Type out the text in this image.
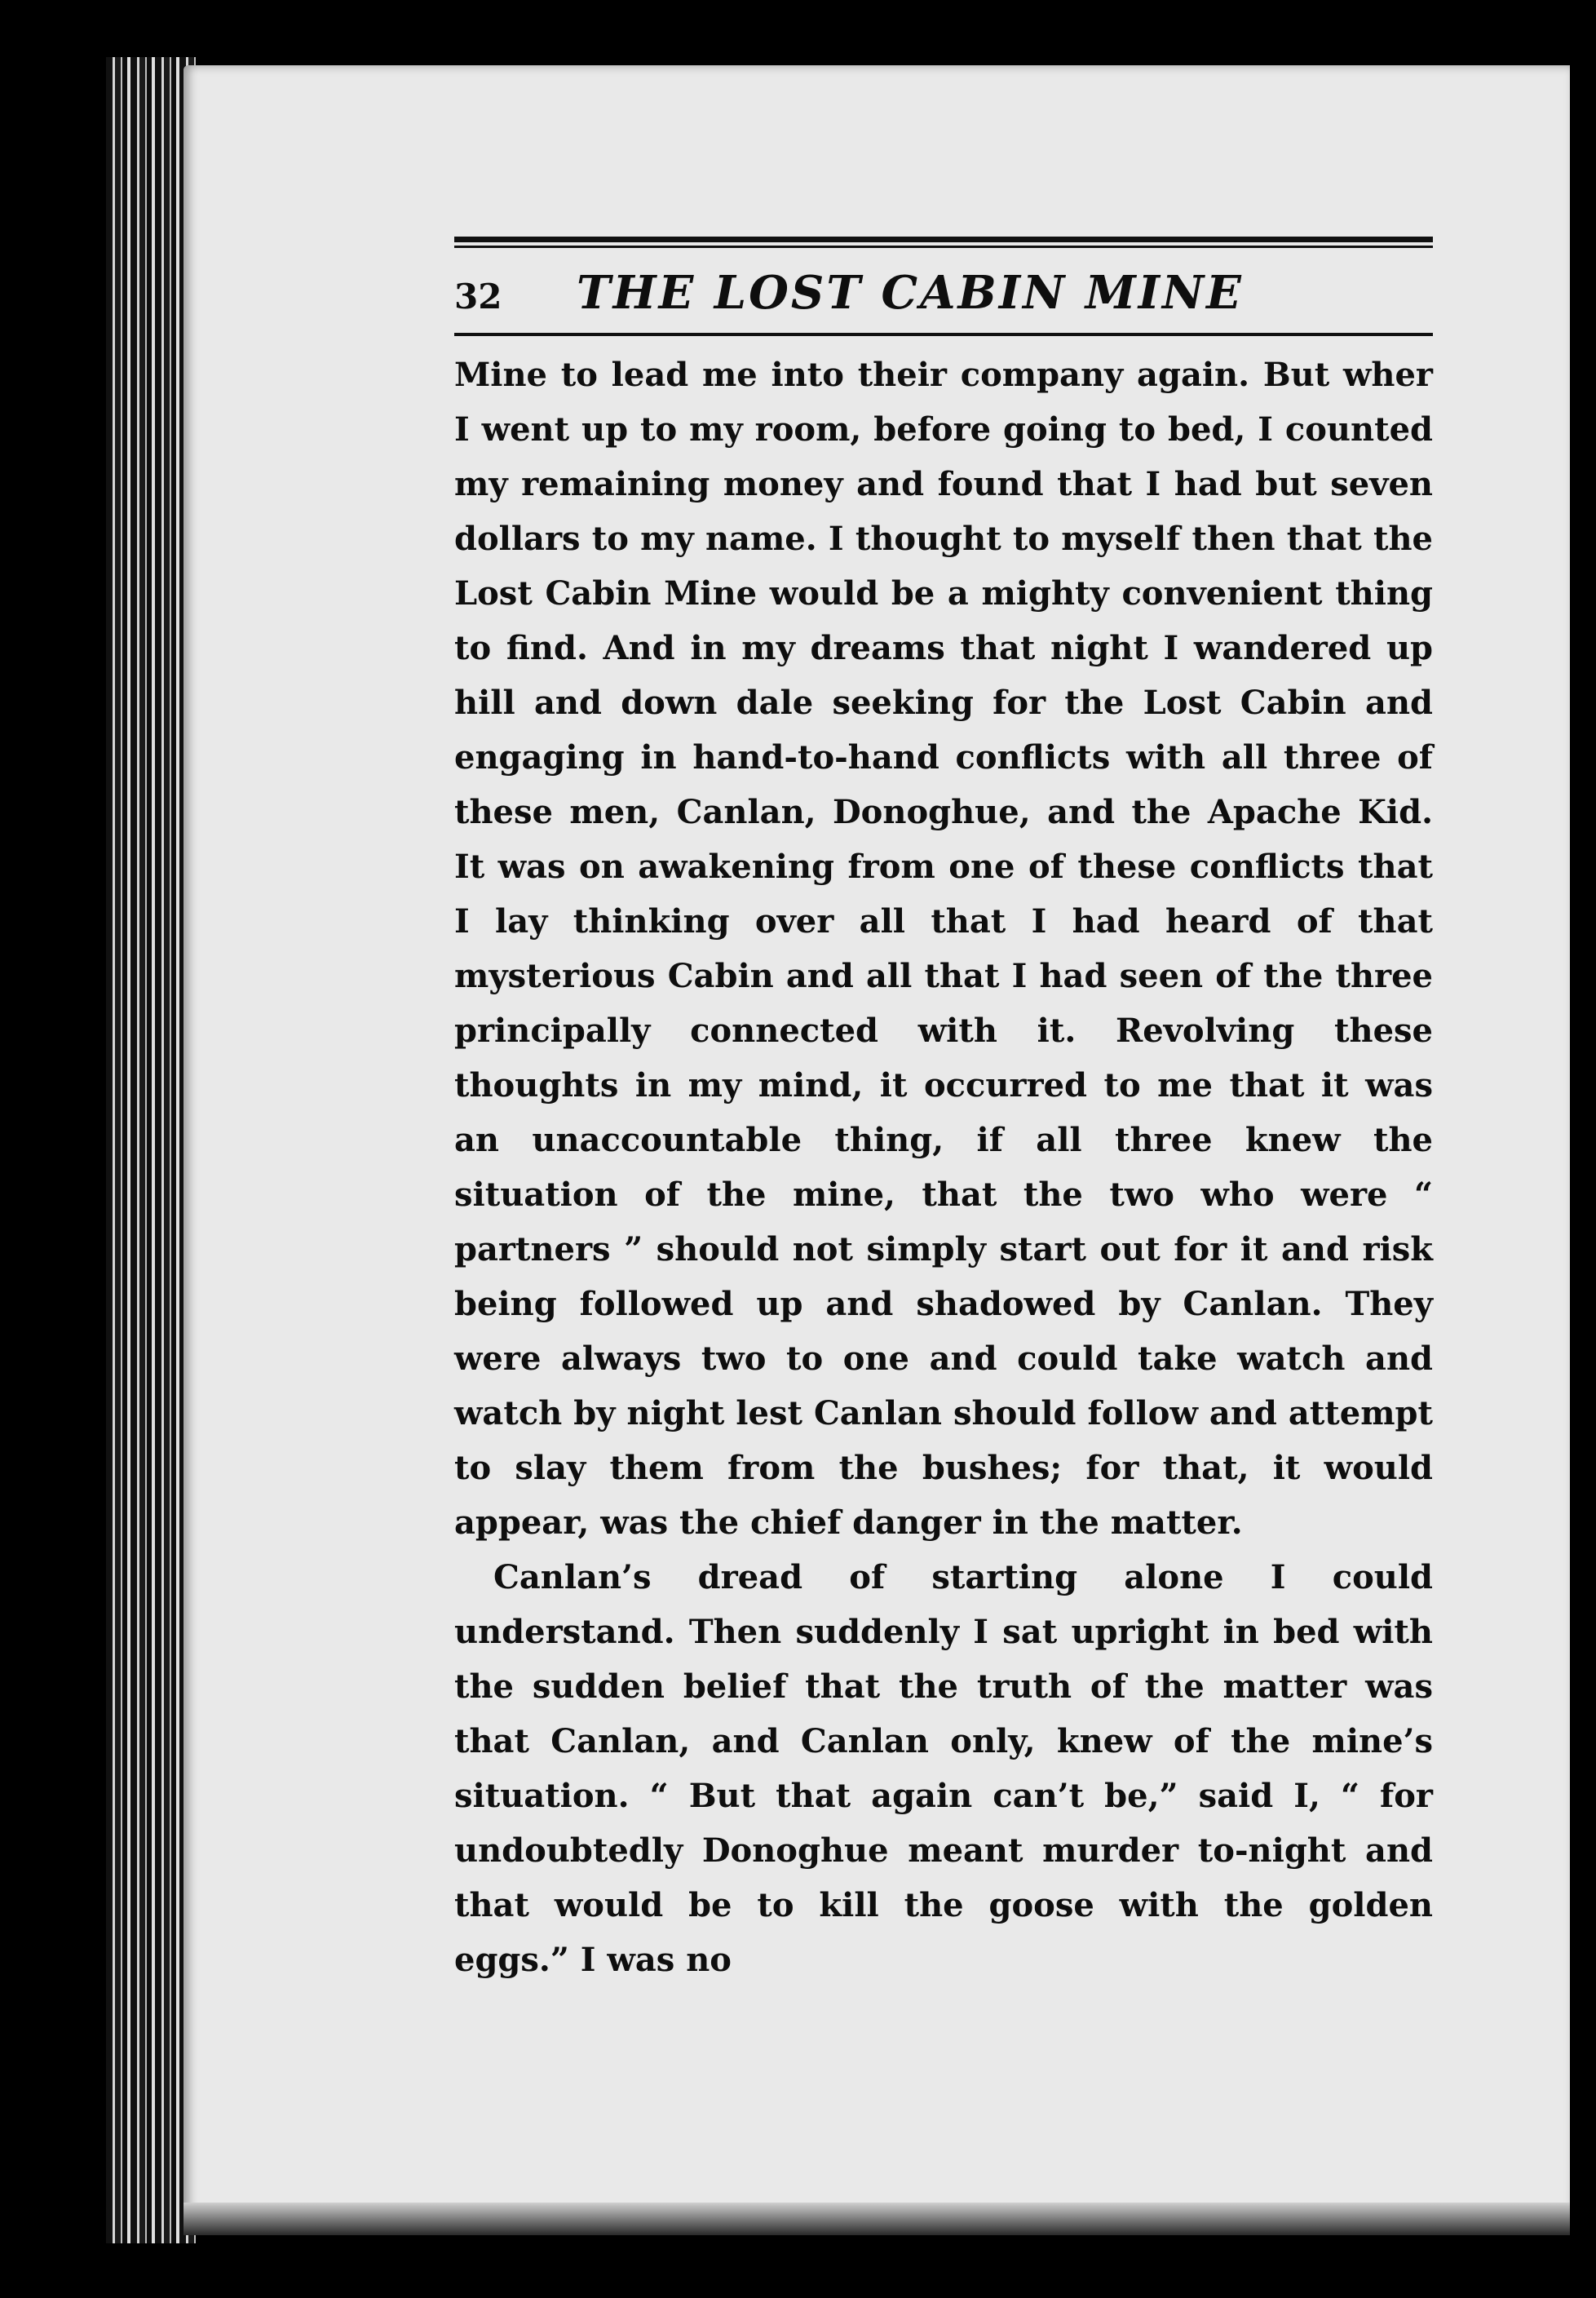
32	THE LOST CABIN MINE

Mine to lead me into their company again. But wher I went up to my room, before going to bed, I counted my remaining money and found that I had but seven dollars to my name. I thought to myself then that the Lost Cabin Mine would be a mighty convenient thing to find. And in my dreams that night I wandered up hill and down dale seeking for the Lost Cabin and engaging in hand-to-hand conflicts with all three of these men, Canlan, Donoghue, and the Apache Kid. It was on awakening from one of these conflicts that I lay thinking over all that I had heard of that mysterious Cabin and all that I had seen of the three principally connected with it. Revolving these thoughts in my mind, it occurred to me that it was an unaccountable thing, if all three knew the situation of the mine, that the two who were “ partners ” should not simply start out for it and risk being followed up and shadowed by Canlan. They were always two to one and could take watch and watch by night lest Canlan should follow and attempt to slay them from the bushes; for that, it would appear, was the chief danger in the matter.

Canlan’s dread of starting alone I could understand. Then suddenly I sat upright in bed with the sudden belief that the truth of the matter was that Canlan, and Canlan only, knew of the mine’s situation. “ But that again can’t be,” said I, “ for undoubtedly Donoghue meant murder to-night and that would be to kill the goose with the golden eggs.” I was no
